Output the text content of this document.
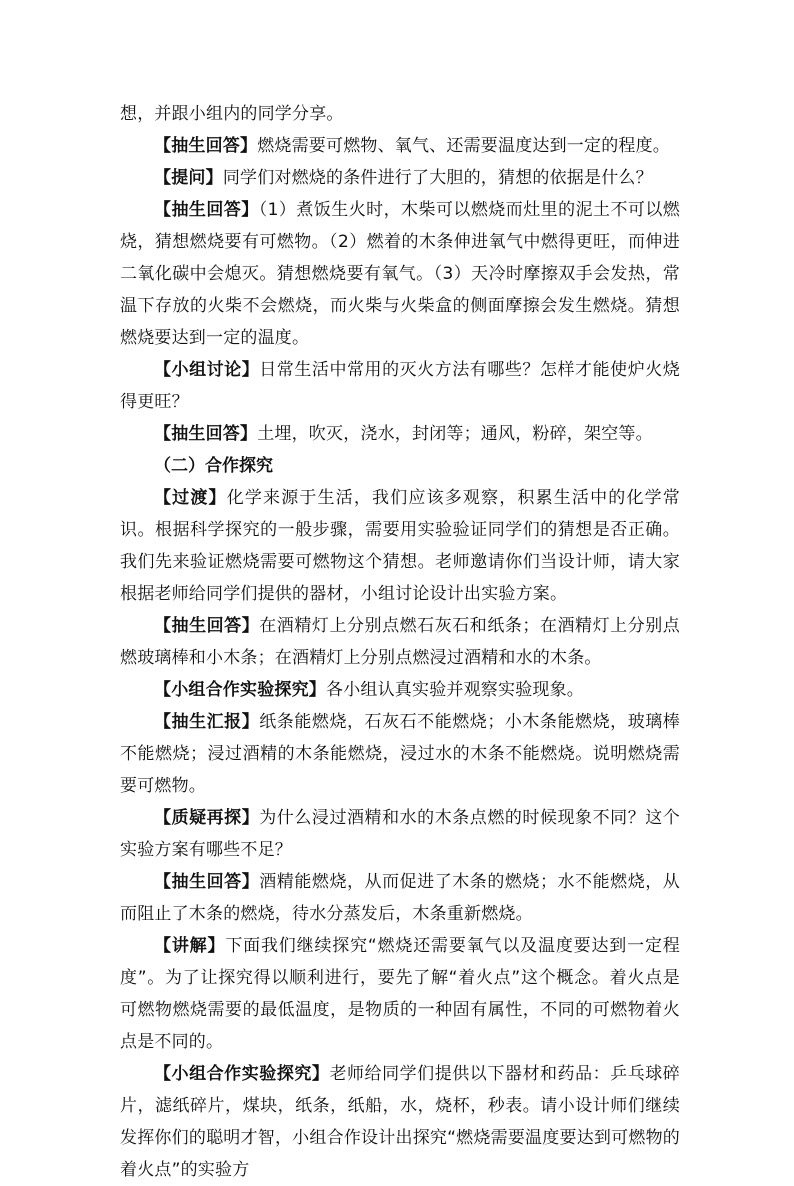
想，并跟小组内的同学分享。

【抽生回答】燃烧需要可燃物、氧气、还需要温度达到一定的程度。

【提问】同学们对燃烧的条件进行了大胆的，猜想的依据是什么？

【抽生回答】（1）煮饭生火时，木柴可以燃烧而灶里的泥土不可以燃烧，猜想燃烧要有可燃物。（2）燃着的木条伸进氧气中燃得更旺，而伸进二氧化碳中会熄灭。猜想燃烧要有氧气。（3）天冷时摩擦双手会发热，常温下存放的火柴不会燃烧，而火柴与火柴盒的侧面摩擦会发生燃烧。猜想燃烧要达到一定的温度。

【小组讨论】日常生活中常用的灭火方法有哪些？怎样才能使炉火烧得更旺？

【抽生回答】土埋，吹灭，浇水，封闭等；通风，粉碎，架空等。

（二）合作探究

【过渡】化学来源于生活，我们应该多观察，积累生活中的化学常识。根据科学探究的一般步骤，需要用实验验证同学们的猜想是否正确。我们先来验证燃烧需要可燃物这个猜想。老师邀请你们当设计师，请大家根据老师给同学们提供的器材，小组讨论设计出实验方案。

【抽生回答】在酒精灯上分别点燃石灰石和纸条；在酒精灯上分别点燃玻璃棒和小木条；在酒精灯上分别点燃浸过酒精和水的木条。

【小组合作实验探究】各小组认真实验并观察实验现象。

【抽生汇报】纸条能燃烧，石灰石不能燃烧；小木条能燃烧，玻璃棒不能燃烧；浸过酒精的木条能燃烧，浸过水的木条不能燃烧。说明燃烧需要可燃物。

【质疑再探】为什么浸过酒精和水的木条点燃的时候现象不同？这个实验方案有哪些不足？

【抽生回答】酒精能燃烧，从而促进了木条的燃烧；水不能燃烧，从而阻止了木条的燃烧，待水分蒸发后，木条重新燃烧。

【讲解】下面我们继续探究“燃烧还需要氧气以及温度要达到一定程度”。为了让探究得以顺利进行，要先了解“着火点”这个概念。着火点是可燃物燃烧需要的最低温度，是物质的一种固有属性，不同的可燃物着火点是不同的。

【小组合作实验探究】老师给同学们提供以下器材和药品：乒乓球碎片，滤纸碎片，煤块，纸条，纸船，水，烧杯，秒表。请小设计师们继续发挥你们的聪明才智，小组合作设计出探究“燃烧需要温度要达到可燃物的着火点”的实验方
